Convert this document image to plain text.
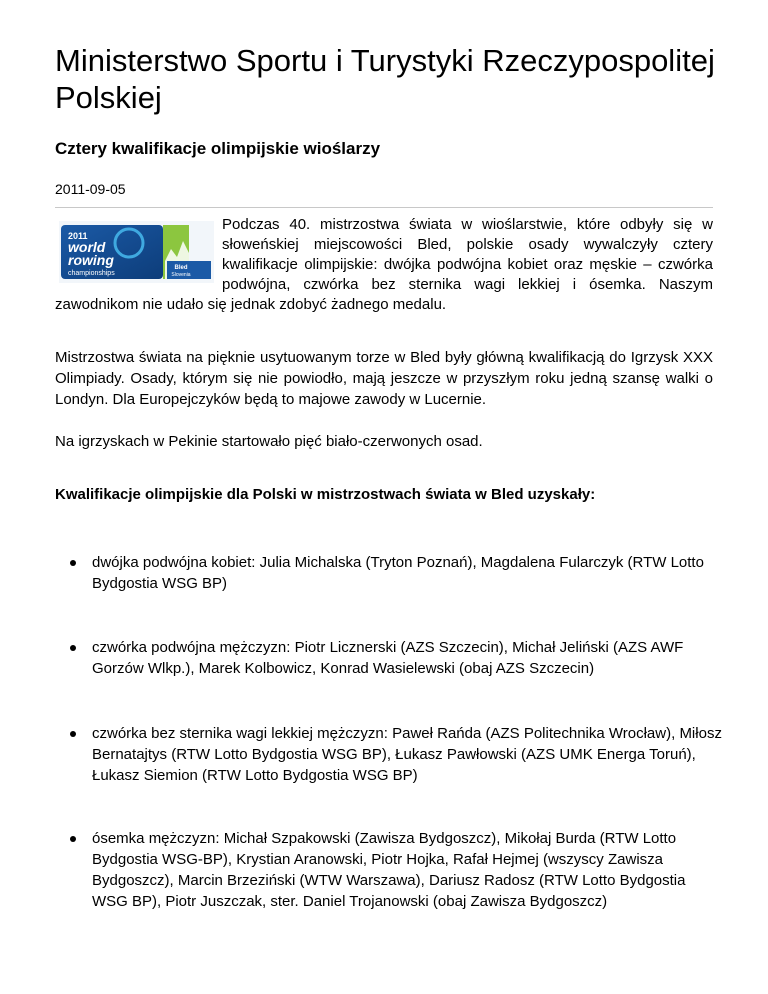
Ministerstwo Sportu i Turystyki Rzeczypospolitej Polskiej
Cztery kwalifikacje olimpijskie wioślarzy
2011-09-05
2011
world
rowing
championships
Bled
Slovenia
Podczas 40. mistrzostwa świata w wioślarstwie, które odbyły się w słoweńskiej miejscowości Bled, polskie osady wywalczyły cztery kwalifikacje olimpijskie: dwójka podwójna kobiet oraz męskie – czwórka podwójna, czwórka bez sternika wagi lekkiej i ósemka. Naszym zawodnikom nie udało się jednak zdobyć żadnego medalu.

Mistrzostwa świata na pięknie usytuowanym torze w Bled były główną kwalifikacją do Igrzysk XXX Olimpiady. Osady, którym się nie powiodło, mają jeszcze w przyszłym roku jedną szansę walki o Londyn. Dla Europejczyków będą to majowe zawody w Lucernie.

Na igrzyskach w Pekinie startowało pięć biało-czerwonych osad.

Kwalifikacje olimpijskie dla Polski w mistrzostwach świata w Bled uzyskały:

dwójka podwójna kobiet: Julia Michalska (Tryton Poznań), Magdalena Fularczyk (RTW Lotto Bydgostia WSG BP)
czwórka podwójna mężczyzn: Piotr Licznerski (AZS Szczecin), Michał Jeliński (AZS AWF Gorzów Wlkp.), Marek Kolbowicz, Konrad Wasielewski (obaj AZS Szczecin)
czwórka bez sternika wagi lekkiej mężczyzn: Paweł Rańda (AZS Politechnika Wrocław), Miłosz Bernatajtys (RTW Lotto Bydgostia WSG BP), Łukasz Pawłowski (AZS UMK Energa Toruń), Łukasz Siemion (RTW Lotto Bydgostia WSG BP)
ósemka mężczyzn: Michał Szpakowski (Zawisza Bydgoszcz), Mikołaj Burda (RTW Lotto Bydgostia WSG-BP), Krystian Aranowski, Piotr Hojka, Rafał Hejmej (wszyscy Zawisza Bydgoszcz), Marcin Brzeziński (WTW Warszawa), Dariusz Radosz (RTW Lotto Bydgostia WSG BP), Piotr Juszczak, ster. Daniel Trojanowski (obaj Zawisza Bydgoszcz)
